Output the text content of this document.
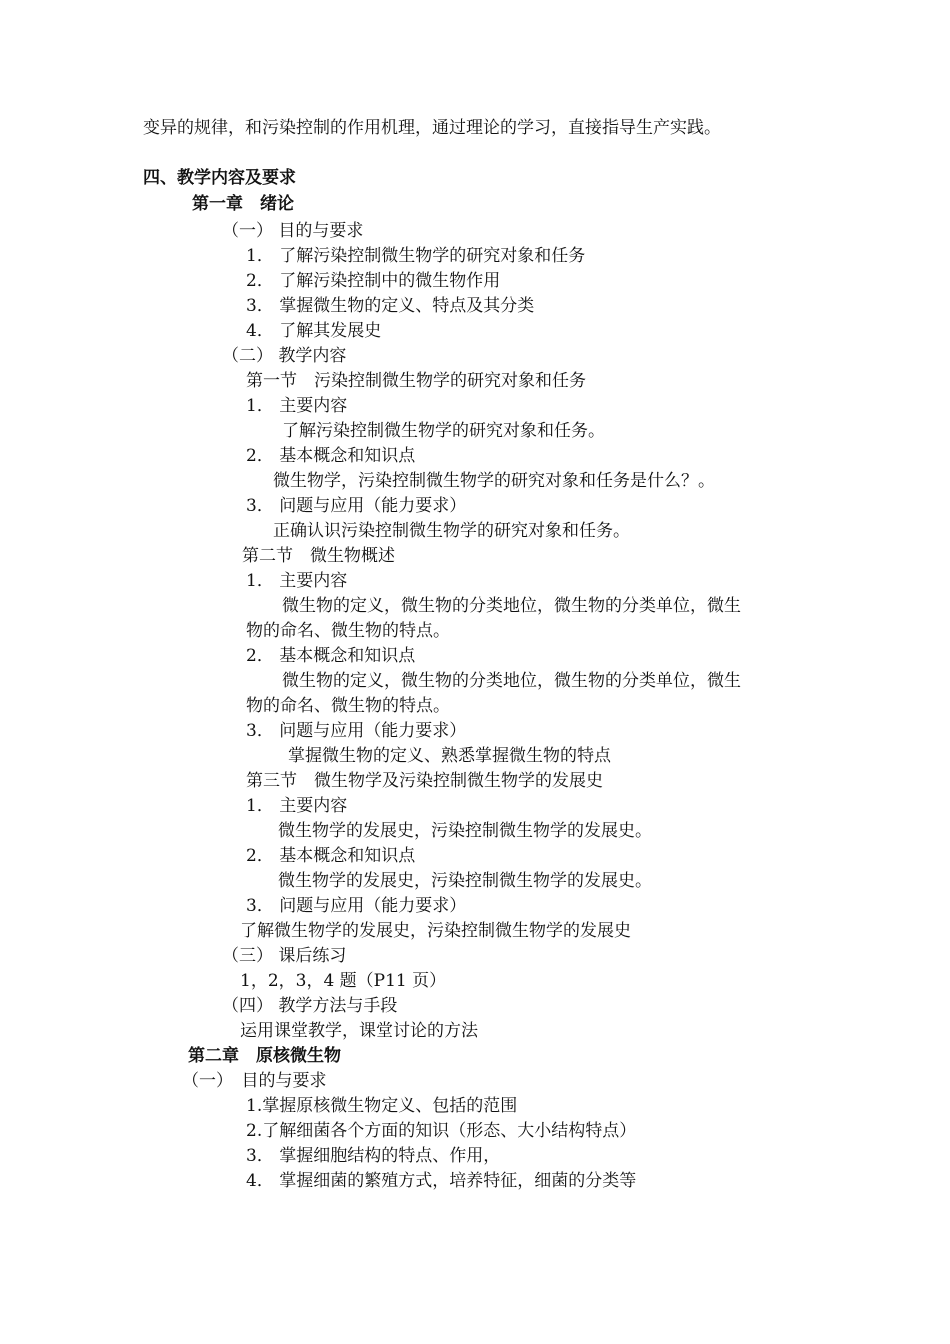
变异的规律，和污染控制的作用机理，通过理论的学习，直接指导生产实践。
四、教学内容及要求
第一章　绪论
（一） 目的与要求
1． 了解污染控制微生物学的研究对象和任务
2． 了解污染控制中的微生物作用
3． 掌握微生物的定义、特点及其分类
4． 了解其发展史
（二） 教学内容
第一节　污染控制微生物学的研究对象和任务
1． 主要内容
了解污染控制微生物学的研究对象和任务。
2． 基本概念和知识点
微生物学，污染控制微生物学的研究对象和任务是什么？。
3． 问题与应用（能力要求）
正确认识污染控制微生物学的研究对象和任务。
第二节　微生物概述
1． 主要内容
微生物的定义，微生物的分类地位，微生物的分类单位，微生
物的命名、微生物的特点。
2． 基本概念和知识点
微生物的定义，微生物的分类地位，微生物的分类单位，微生
物的命名、微生物的特点。
3． 问题与应用（能力要求）
掌握微生物的定义、熟悉掌握微生物的特点
第三节　微生物学及污染控制微生物学的发展史
1． 主要内容
微生物学的发展史，污染控制微生物学的发展史。
2． 基本概念和知识点
微生物学的发展史，污染控制微生物学的发展史。
3． 问题与应用（能力要求）
了解微生物学的发展史，污染控制微生物学的发展史
（三） 课后练习
1，2，3，4 题（P11 页）
（四） 教学方法与手段
运用课堂教学，课堂讨论的方法
第二章　原核微生物
（一）　目的与要求
1.掌握原核微生物定义、包括的范围
2.了解细菌各个方面的知识（形态、大小结构特点）
3． 掌握细胞结构的特点、作用，
4． 掌握细菌的繁殖方式，培养特征，细菌的分类等
